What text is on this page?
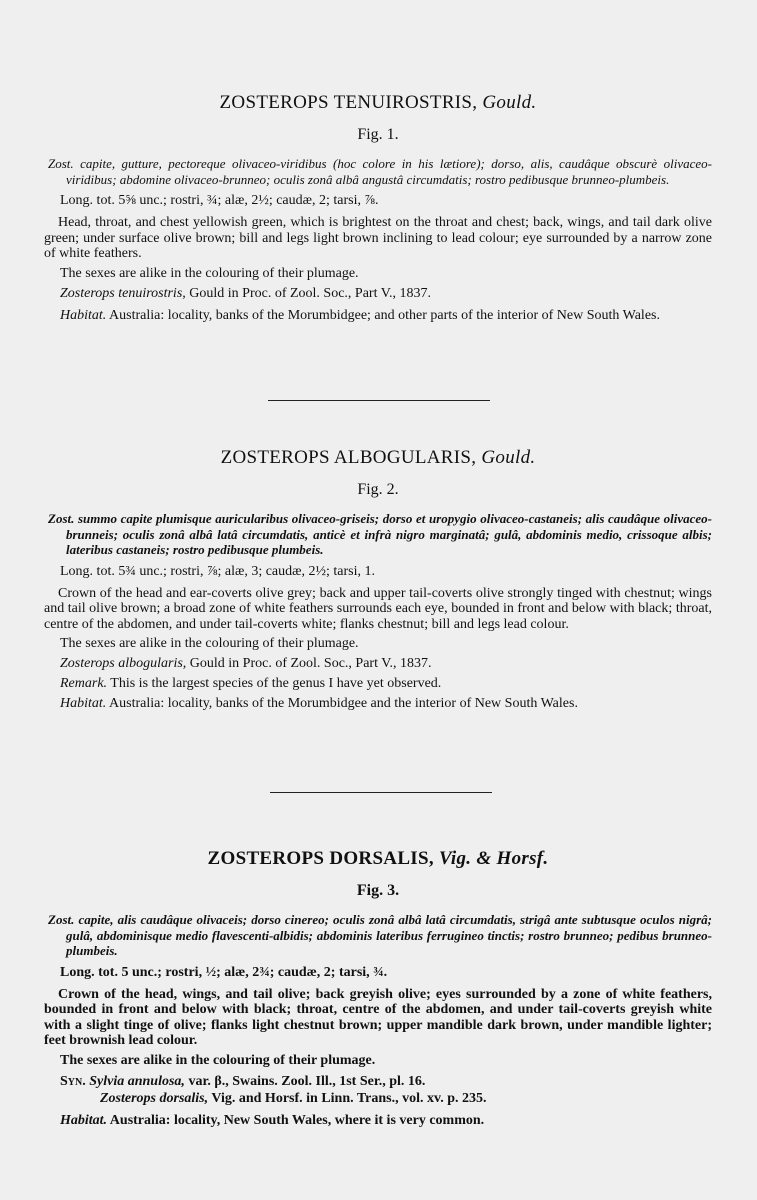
ZOSTEROPS TENUIROSTRIS, Gould.
Fig. 1.
Zost. capite, gutture, pectoreque olivaceo-viridibus (hoc colore in his lætiore); dorso, alis, caudâque obscurè olivaceo-viridibus; abdomine olivaceo-brunneo; oculis zonâ albâ angustâ circumdatis; rostro pedibusque brunneo-plumbeis.
Long. tot. 5⅝ unc.; rostri, ¾; alæ, 2½; caudæ, 2; tarsi, ⅞.
Head, throat, and chest yellowish green, which is brightest on the throat and chest; back, wings, and tail dark olive green; under surface olive brown; bill and legs light brown inclining to lead colour; eye surrounded by a narrow zone of white feathers.
The sexes are alike in the colouring of their plumage.
Zosterops tenuirostris, Gould in Proc. of Zool. Soc., Part V., 1837.
Habitat. Australia: locality, banks of the Morumbidgee; and other parts of the interior of New South Wales.
ZOSTEROPS ALBOGULARIS, Gould.
Fig. 2.
Zost. summo capite plumisque auricularibus olivaceo-griseis; dorso et uropygio olivaceo-castaneis; alis caudâque olivaceo-brunneis; oculis zonâ albâ latâ circumdatis, anticè et infrà nigro marginatâ; gulâ, abdominis medio, crissoque albis; lateribus castaneis; rostro pedibusque plumbeis.
Long. tot. 5¾ unc.; rostri, ⅞; alæ, 3; caudæ, 2½; tarsi, 1.
Crown of the head and ear-coverts olive grey; back and upper tail-coverts olive strongly tinged with chestnut; wings and tail olive brown; a broad zone of white feathers surrounds each eye, bounded in front and below with black; throat, centre of the abdomen, and under tail-coverts white; flanks chestnut; bill and legs lead colour.
The sexes are alike in the colouring of their plumage.
Zosterops albogularis, Gould in Proc. of Zool. Soc., Part V., 1837.
Remark. This is the largest species of the genus I have yet observed.
Habitat. Australia: locality, banks of the Morumbidgee and the interior of New South Wales.
ZOSTEROPS DORSALIS, Vig. & Horsf.
Fig. 3.
Zost. capite, alis caudâque olivaceis; dorso cinereo; oculis zonâ albâ latâ circumdatis, strigâ ante subtusque oculos nigrâ; gulâ, abdominisque medio flavescenti-albidis; abdominis lateribus ferrugineo tinctis; rostro brunneo; pedibus brunneo-plumbeis.
Long. tot. 5 unc.; rostri, ½; alæ, 2¾; caudæ, 2; tarsi, ¾.
Crown of the head, wings, and tail olive; back greyish olive; eyes surrounded by a zone of white feathers, bounded in front and below with black; throat, centre of the abdomen, and under tail-coverts greyish white with a slight tinge of olive; flanks light chestnut brown; upper mandible dark brown, under mandible lighter; feet brownish lead colour.
The sexes are alike in the colouring of their plumage.
Syn. Sylvia annulosa, var. β., Swains. Zool. Ill., 1st Ser., pl. 16.
Zosterops dorsalis, Vig. and Horsf. in Linn. Trans., vol. xv. p. 235.
Habitat. Australia: locality, New South Wales, where it is very common.
